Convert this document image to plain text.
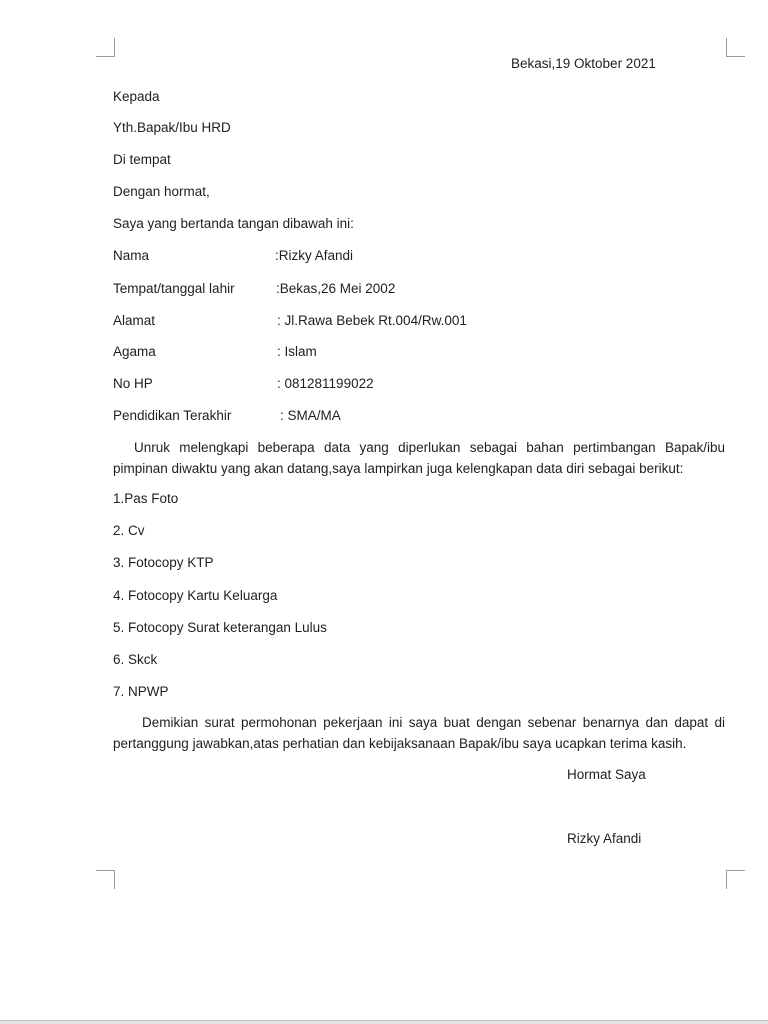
Bekasi,19 Oktober 2021
Kepada
Yth.Bapak/Ibu HRD
Di tempat
Dengan hormat,
Saya yang bertanda tangan dibawah ini:
Nama	:Rizky Afandi
Tempat/tanggal lahir	:Bekas,26 Mei 2002
Alamat	: Jl.Rawa Bebek Rt.004/Rw.001
Agama	: Islam
No HP	: 081281199022
Pendidikan Terakhir	: SMA/MA
Unruk melengkapi beberapa data yang diperlukan sebagai bahan pertimbangan Bapak/ibu pimpinan diwaktu yang akan datang,saya lampirkan juga kelengkapan data diri sebagai berikut:
1.Pas Foto
2. Cv
3. Fotocopy KTP
4. Fotocopy Kartu Keluarga
5. Fotocopy Surat keterangan Lulus
6. Skck
7. NPWP
Demikian surat permohonan pekerjaan ini saya buat dengan sebenar benarnya dan dapat di pertanggung jawabkan,atas perhatian dan kebijaksanaan Bapak/ibu saya ucapkan terima kasih.
Hormat Saya
Rizky Afandi
